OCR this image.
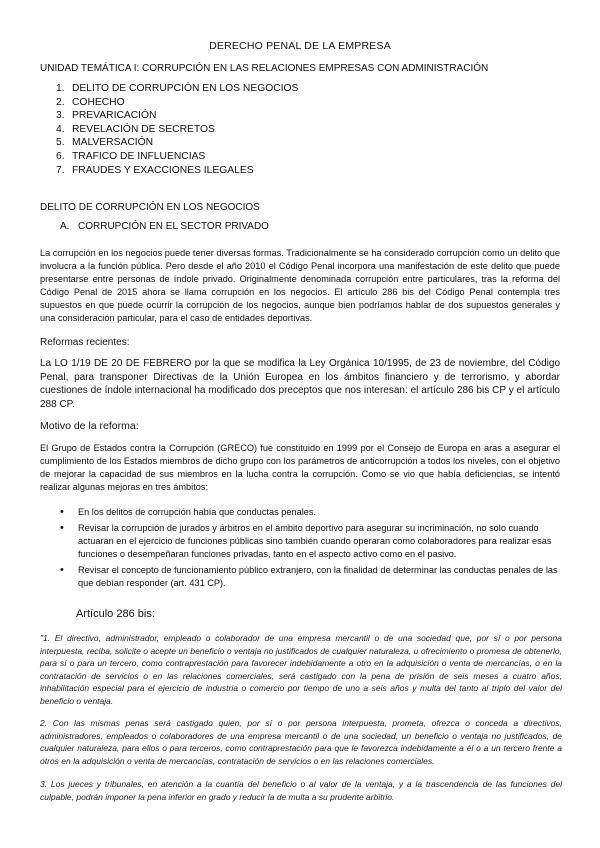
DERECHO PENAL DE LA EMPRESA
UNIDAD TEMÁTICA I: CORRUPCIÓN EN LAS RELACIONES EMPRESAS CON ADMINISTRACIÓN
1. DELITO DE CORRUPCIÓN EN LOS NEGOCIOS
2. COHECHO
3. PREVARICACIÓN
4. REVELACIÓN DE SECRETOS
5. MALVERSACIÓN
6. TRAFICO DE INFLUENCIAS
7. FRAUDES Y EXACCIONES ILEGALES
DELITO DE CORRUPCIÓN EN LOS NEGOCIOS
A. CORRUPCIÓN EN EL SECTOR PRIVADO

La corrupción en los negocios puede tener diversas formas. Tradicionalmente se ha considerado corrupción como un delito que involucra a la función pública. Pero desde el año 2010 el Código Penal incorpora una manifestación de este delito que puede presentarse entre personas de índole privado. Originalmente denominada corrupción entre particulares, tras la reforma del Código Penal de 2015 ahora se llama corrupción en los negocios. El artículo 286 bis del Código Penal contempla tres supuestos en que puede ocurrir la corrupción de los negocios, aunque bien podríamos hablar de dos supuestos generales y una consideración particular, para el caso de entidades deportivas.

Reformas recientes:

La LO 1/19 DE 20 DE FEBRERO por la que se modifica la Ley Orgánica 10/1995, de 23 de noviembre, del Código Penal, para transponer Directivas de la Unión Europea en los ámbitos financiero y de terrorismo, y abordar cuestiones de índole internacional ha modificado dos preceptos que nos interesan: el artículo 286 bis CP y el artículo 288 CP.

Motivo de la reforma:

El Grupo de Estados contra la Corrupción (GRECO) fue constituido en 1999 por el Consejo de Europa en aras a asegurar el cumplimiento de los Estados miembros de dicho grupo con los parámetros de anticorrupción a todos los niveles, con el objetivo de mejorar la capacidad de sus miembros en la lucha contra la corrupción. Como se vio que había deficiencias, se intentó realizar algunas mejoras en tres ámbitos:

• En los delitos de corrupción había que conductas penales.
• Revisar la corrupción de jurados y árbitros en el ámbito deportivo para asegurar su incriminación, no solo cuando actuaran en el ejercicio de funciones públicas sino también cuando operaran como colaboradores para realizar esas funciones o desempeñaran funciones privadas, tanto en el aspecto activo como en el pasivo.
• Revisar el concepto de funcionamiento público extranjero, con la finalidad de determinar las conductas penales de las que debían responder (art. 431 CP).
Artículo 286 bis:

"1. El directivo, administrador, empleado o colaborador de una empresa mercantil o de una sociedad que, por sí o por persona interpuesta, reciba, solicite o acepte un beneficio o ventaja no justificados de cualquier naturaleza, u ofrecimiento o promesa de obtenerlo, para sí o para un tercero, como contraprestación para favorecer indebidamente a otro en la adquisición o venta de mercancías, o en la contratación de servicios o en las relaciones comerciales, será castigado con la pena de prisión de seis meses a cuatro años, inhabilitación especial para el ejercicio de industria o comercio por tiempo de uno a seis años y multa del tanto al triplo del valor del beneficio o ventaja.

2. Con las mismas penas será castigado quien, por sí o por persona interpuesta, prometa, ofrezca o conceda a directivos, administradores, empleados o colaboradores de una empresa mercantil o de una sociedad, un beneficio o ventaja no justificados, de cualquier naturaleza, para ellos o para terceros, como contraprestación para que le favorezca indebidamente a él o a un tercero frente a otros en la adquisición o venta de mercancías, contratación de servicios o en las relaciones comerciales.

3. Los jueces y tribunales, en atención a la cuantía del beneficio o al valor de la ventaja, y a la trascendencia de las funciones del culpable, podrán imponer la pena inferior en grado y reducir la de multa a su prudente arbitrio.
